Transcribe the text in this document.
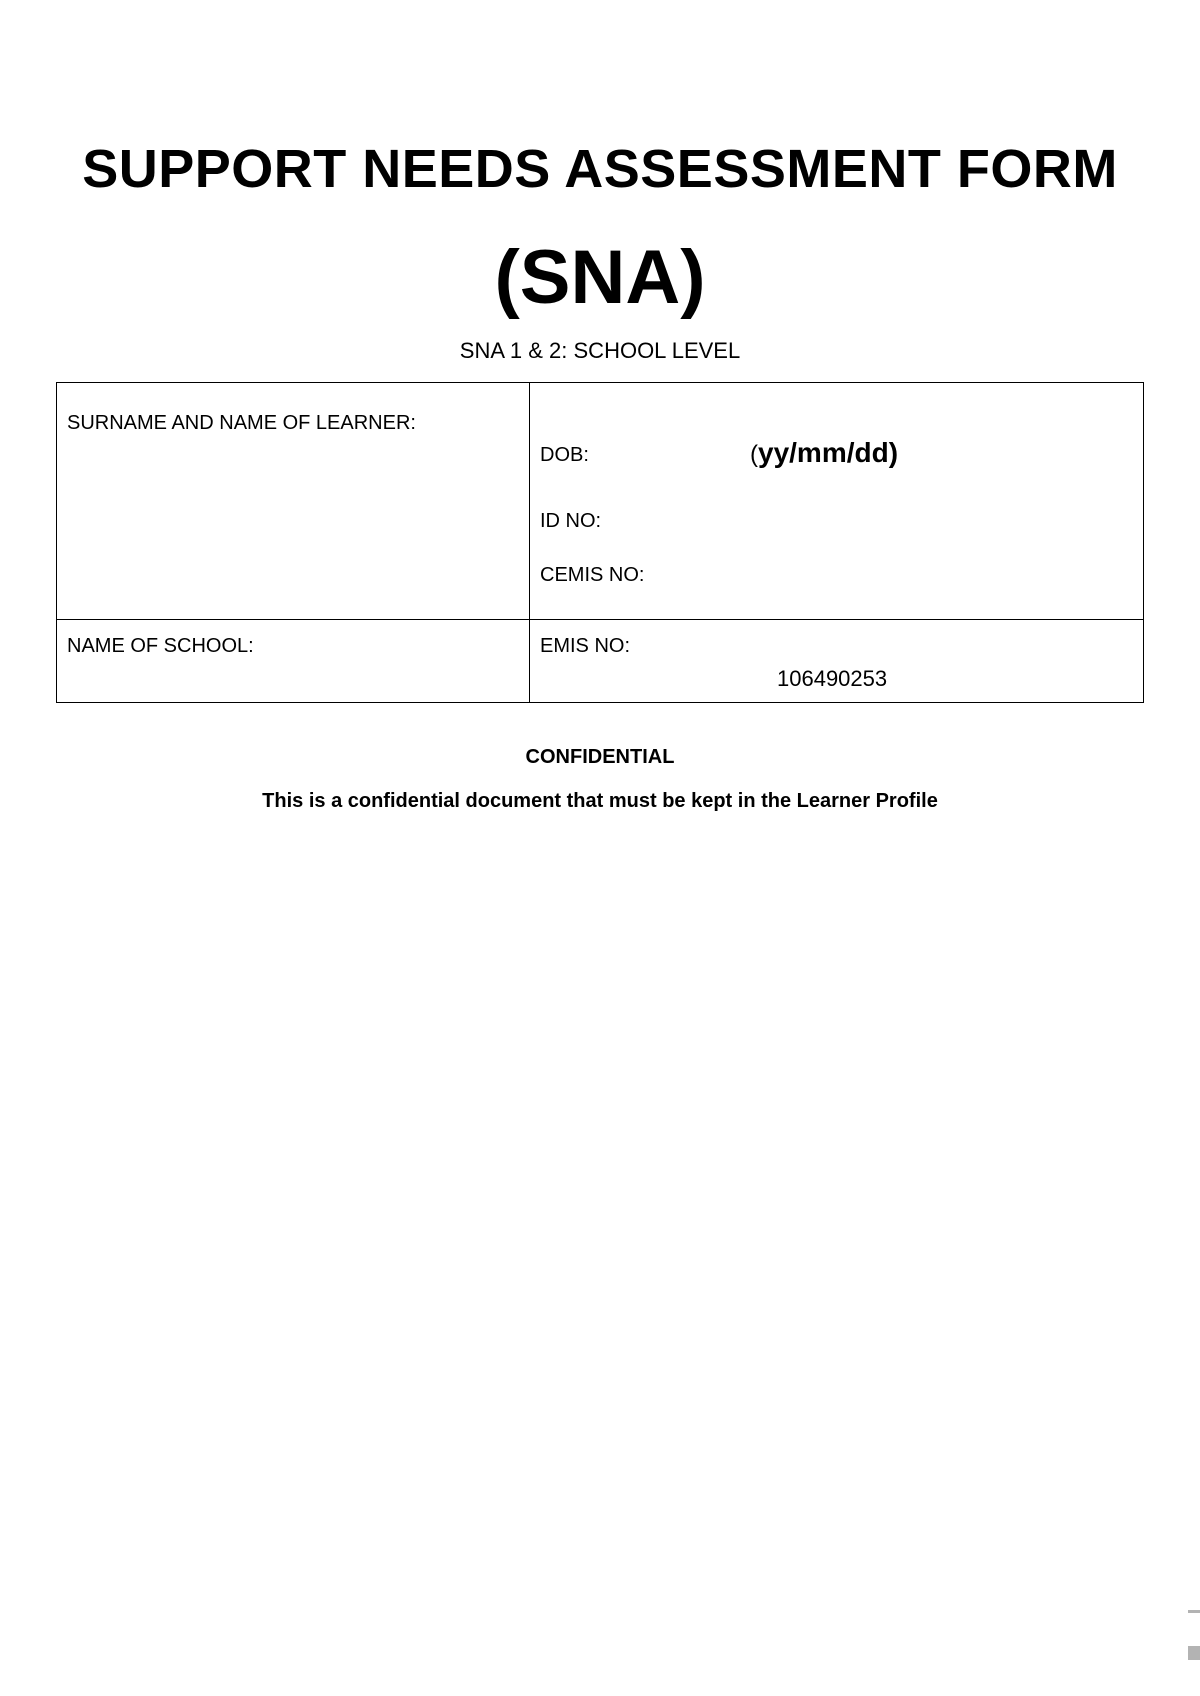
SUPPORT NEEDS ASSESSMENT FORM
(SNA)
SNA 1 & 2: SCHOOL LEVEL
SURNAME AND NAME OF LEARNER:	DOB: (yy/mm/dd)
ID NO:
CEMIS NO:

NAME OF SCHOOL:	EMIS NO:
106490253
CONFIDENTIAL
This is a confidential document that must be kept in the Learner Profile
